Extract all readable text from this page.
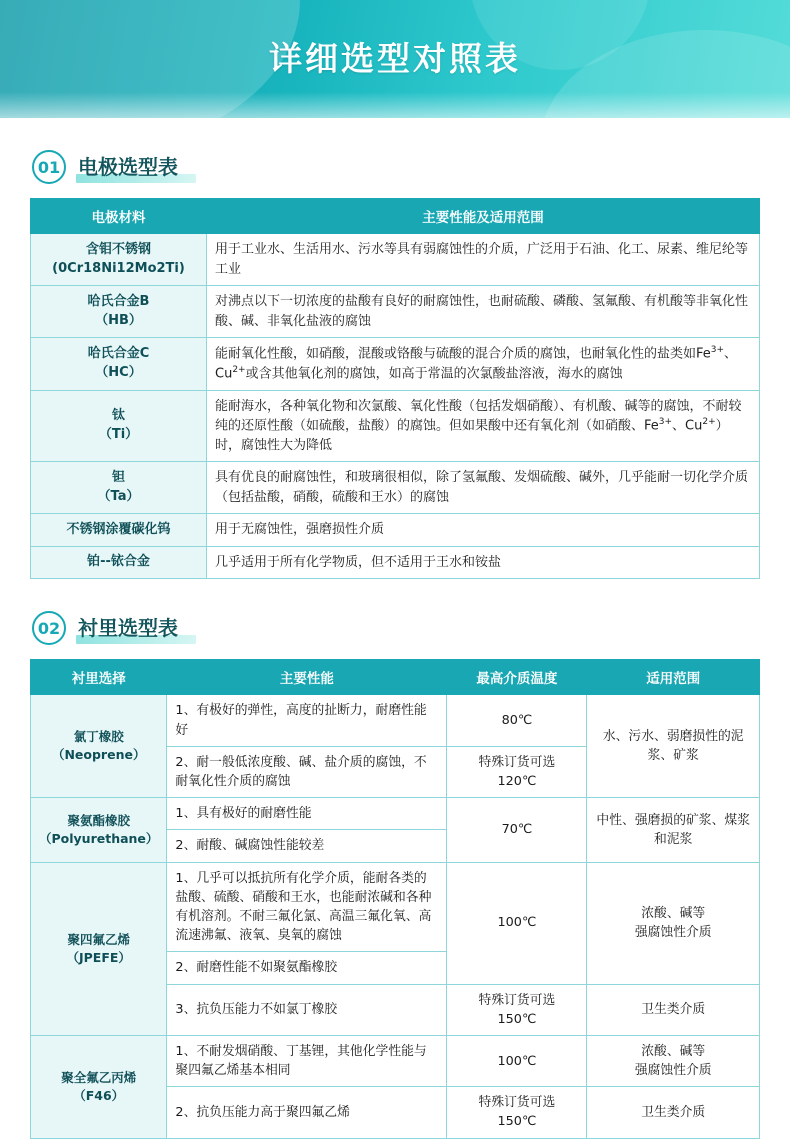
详细选型对照表
01 电极选型表
电极材料	主要性能及适用范围
含钼不锈钢
(0Cr18Ni12Mo2Ti)	用于工业水、生活用水、污水等具有弱腐蚀性的介质，广泛用于石油、化工、尿素、维尼纶等工业
哈氏合金B
（HB）	对沸点以下一切浓度的盐酸有良好的耐腐蚀性，也耐硫酸、磷酸、氢氟酸、有机酸等非氧化性酸、碱、非氧化盐液的腐蚀
哈氏合金C
（HC）	能耐氧化性酸，如硝酸，混酸或铬酸与硫酸的混合介质的腐蚀，也耐氧化性的盐类如$Fe^{3+}$、$Cu^{2+}$或含其他氧化剂的腐蚀，如高于常温的次氯酸盐溶液，海水的腐蚀
钛
（Ti）	能耐海水，各种氧化物和次氯酸、氧化性酸（包括发烟硝酸）、有机酸、碱等的腐蚀，不耐较纯的还原性酸（如硫酸，盐酸）的腐蚀。但如果酸中还有氧化剂（如硝酸、$Fe^{3+}$、$Cu^{2+}$）时，腐蚀性大为降低
钽
（Ta）	具有优良的耐腐蚀性，和玻璃很相似，除了氢氟酸、发烟硫酸、碱外，几乎能耐一切化学介质（包括盐酸，硝酸，硫酸和王水）的腐蚀
不锈钢涂覆碳化钨	用于无腐蚀性，强磨损性介质
铂--铱合金	几乎适用于所有化学物质，但不适用于王水和铵盐
02 衬里选型表
衬里选择	主要性能	最高介质温度	适用范围
氯丁橡胶
（Neoprene）	1、有极好的弹性，高度的扯断力，耐磨性能好	80℃	水、污水、弱磨损性的泥浆、矿浆
	2、耐一般低浓度酸、碱、盐介质的腐蚀，不耐氧化性介质的腐蚀	特殊订货可选
120℃	
聚氨酯橡胶
（Polyurethane）	1、具有极好的耐磨性能	70℃	中性、强磨损的矿浆、煤浆和泥浆
	2、耐酸、碱腐蚀性能较差		
聚四氟乙烯
（JPEFE）	1、几乎可以抵抗所有化学介质，能耐各类的盐酸、硫酸、硝酸和王水，也能耐浓碱和各种有机溶剂。不耐三氟化氯、高温三氟化氧、高流速沸氟、液氧、臭氧的腐蚀	100℃	浓酸、碱等
强腐蚀性介质
	2、耐磨性能不如聚氨酯橡胶		
	3、抗负压能力不如氯丁橡胶	特殊订货可选
150℃	卫生类介质
聚全氟乙丙烯
（F46）	1、不耐发烟硝酸、丁基锂，其他化学性能与聚四氟乙烯基本相同	100℃	浓酸、碱等
强腐蚀性介质
	2、抗负压能力高于聚四氟乙烯	特殊订货可选
150℃	卫生类介质
